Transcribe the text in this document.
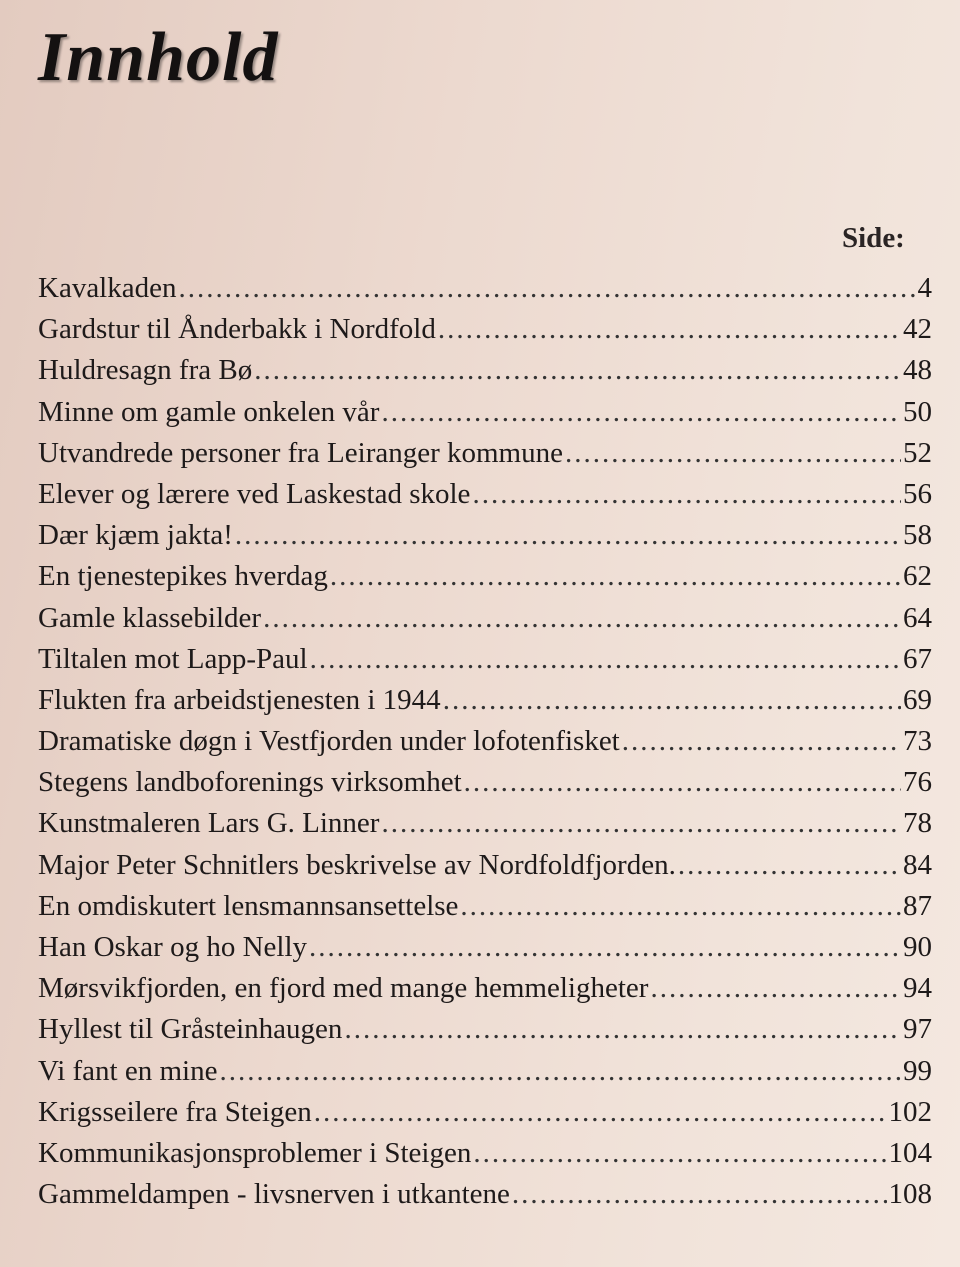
Innhold
Side:
Kavalkaden .....	4
Gardstur til Ånderbakk i Nordfold .....	42
Huldresagn fra Bø .....	48
Minne om gamle onkelen vår .....	50
Utvandrede personer fra Leiranger kommune .....	52
Elever og lærere ved Laskestad skole .....	56
Dær kjæm jakta! .....	58
En tjenestepikes hverdag .....	62
Gamle klassebilder .....	64
Tiltalen mot Lapp-Paul .....	67
Flukten fra arbeidstjenesten i 1944 .....	69
Dramatiske døgn i Vestfjorden under lofotenfisket .....	73
Stegens landboforenings virksomhet .....	76
Kunstmaleren Lars G. Linner .....	78
Major Peter Schnitlers beskrivelse av Nordfoldfjorden. .....	84
En omdiskutert lensmannsansettelse .....	87
Han Oskar og ho Nelly .....	90
Mørsvikfjorden, en fjord med mange hemmeligheter .....	94
Hyllest til Gråsteinhaugen .....	97
Vi fant en mine .....	99
Krigsseilere fra Steigen .....	102
Kommunikasjonsproblemer i Steigen .....	104
Gammeldampen - livsnerven i utkantene .....	108
